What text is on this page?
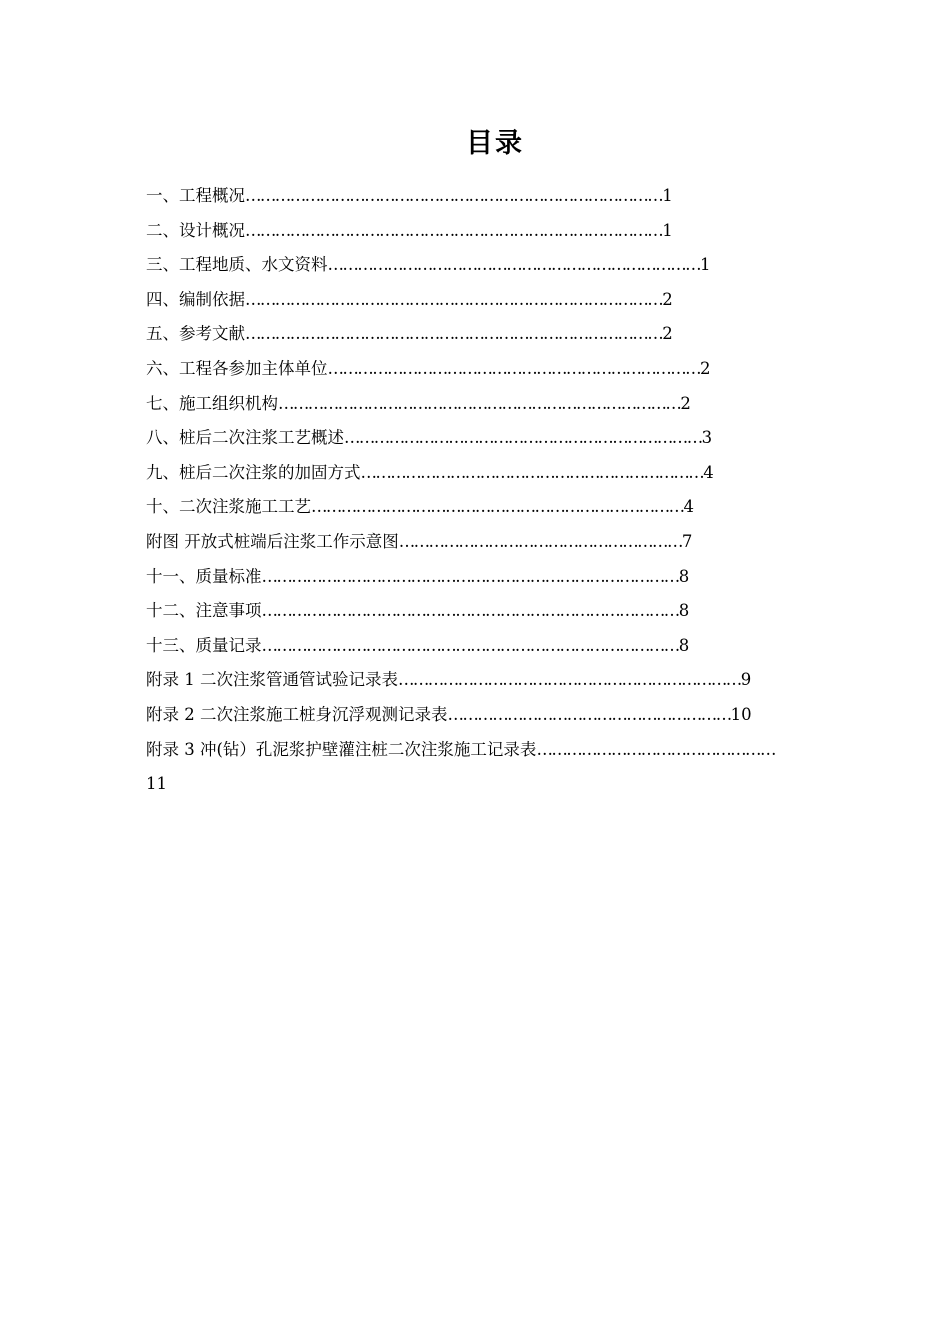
目录
一、工程概况…………………………………………………………………………1
二、设计概况…………………………………………………………………………1
三、工程地质、水文资料…………………………………………………………………1
四、编制依据…………………………………………………………………………2
五、参考文献…………………………………………………………………………2
六、工程各参加主体单位…………………………………………………………………2
七、施工组织机构………………………………………………………………………2
八、桩后二次注浆工艺概述………………………………………………………………3
九、桩后二次注浆的加固方式……………………………………………………………4
十、二次注浆施工工艺…………………………………………………………………4
附图 开放式桩端后注浆工作示意图…………………………………………………7
十一、质量标准…………………………………………………………………………8
十二、注意事项…………………………………………………………………………8
十三、质量记录…………………………………………………………………………8
附录 1 二次注浆管通管试验记录表……………………………………………………………9
附录 2 二次注浆施工桩身沉浮观测记录表…………………………………………………10
附录 3 冲(钻）孔泥浆护壁灌注桩二次注浆施工记录表…………………………………………
11
